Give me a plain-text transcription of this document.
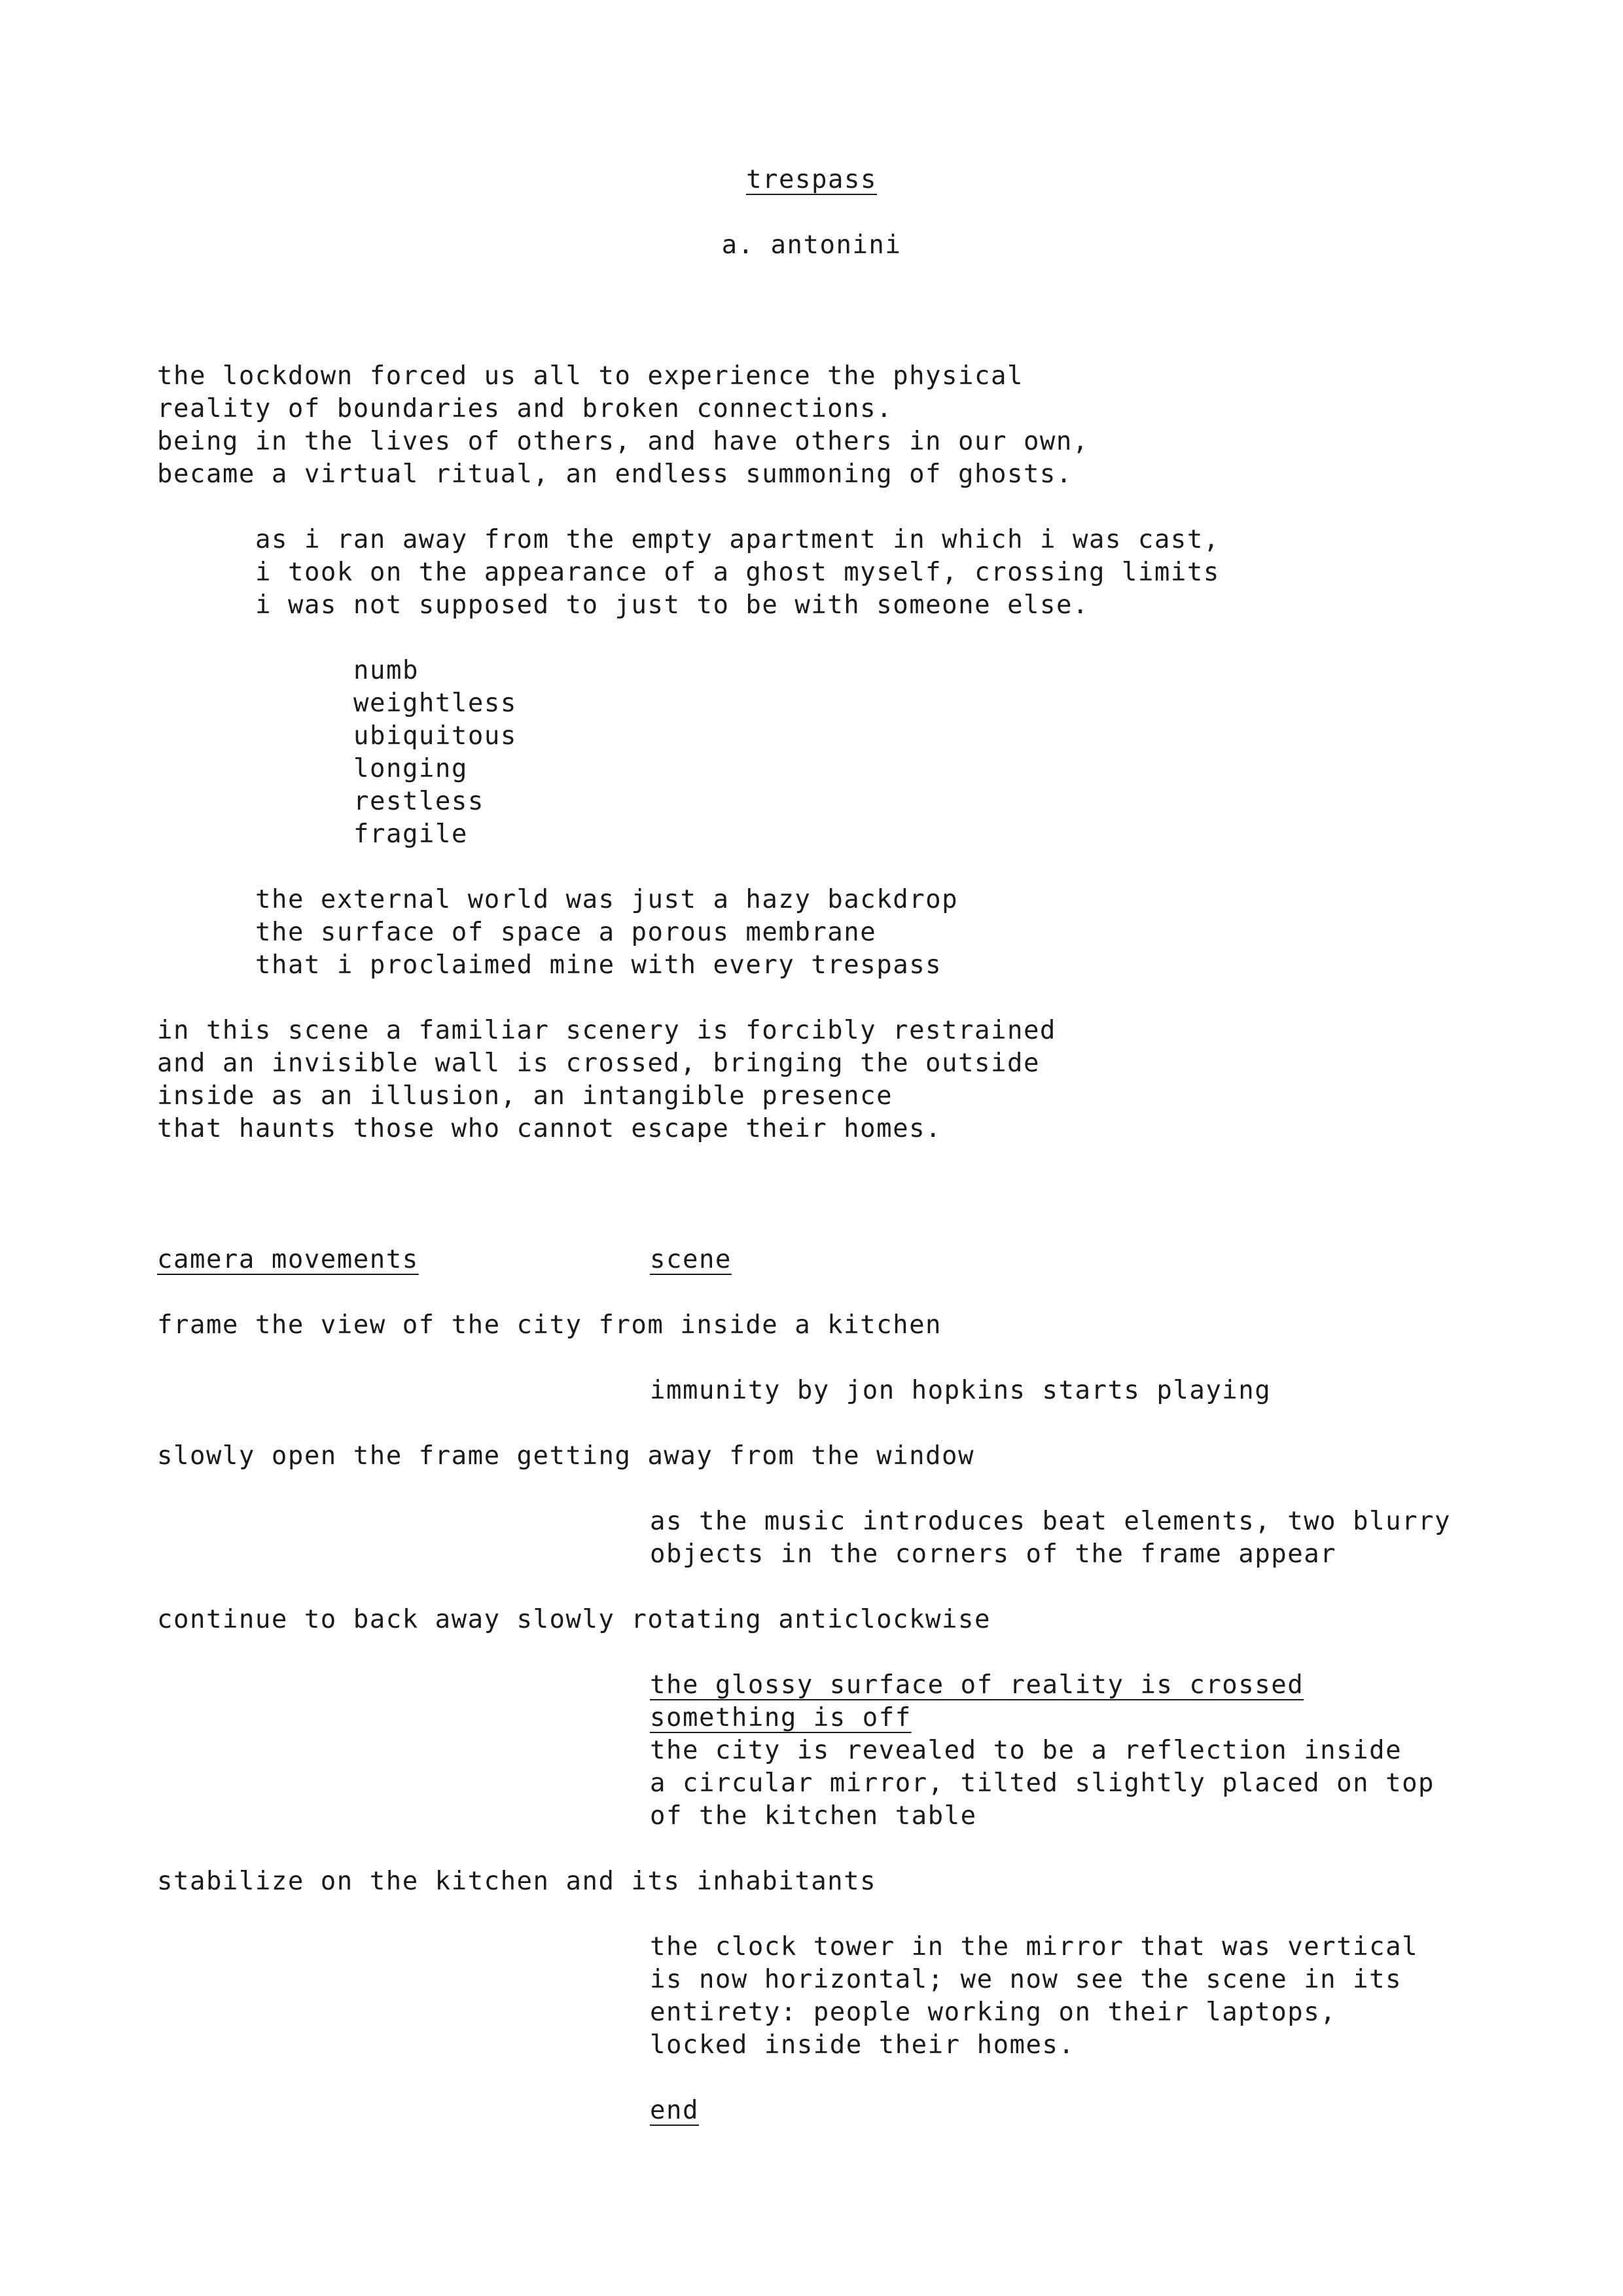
trespass
a. antonini
the lockdown forced us all to experience the physical
reality of boundaries and broken connections.
being in the lives of others, and have others in our own,
became a virtual ritual, an endless summoning of ghosts.
as i ran away from the empty apartment in which i was cast,
i took on the appearance of a ghost myself, crossing limits
i was not supposed to just to be with someone else.
numb
weightless
ubiquitous
longing
restless
fragile
the external world was just a hazy backdrop
the surface of space a porous membrane
that i proclaimed mine with every trespass
in this scene a familiar scenery is forcibly restrained
and an invisible wall is crossed, bringing the outside
inside as an illusion, an intangible presence
that haunts those who cannot escape their homes.
camera movements	scene
frame the view of the city from inside a kitchen
immunity by jon hopkins starts playing
slowly open the frame getting away from the window
as the music introduces beat elements, two blurry
objects in the corners of the frame appear
continue to back away slowly rotating anticlockwise
the glossy surface of reality is crossed
something is off
the city is revealed to be a reflection inside
a circular mirror, tilted slightly placed on top
of the kitchen table
stabilize on the kitchen and its inhabitants
the clock tower in the mirror that was vertical
is now horizontal; we now see the scene in its
entirety: people working on their laptops,
locked inside their homes.
end
